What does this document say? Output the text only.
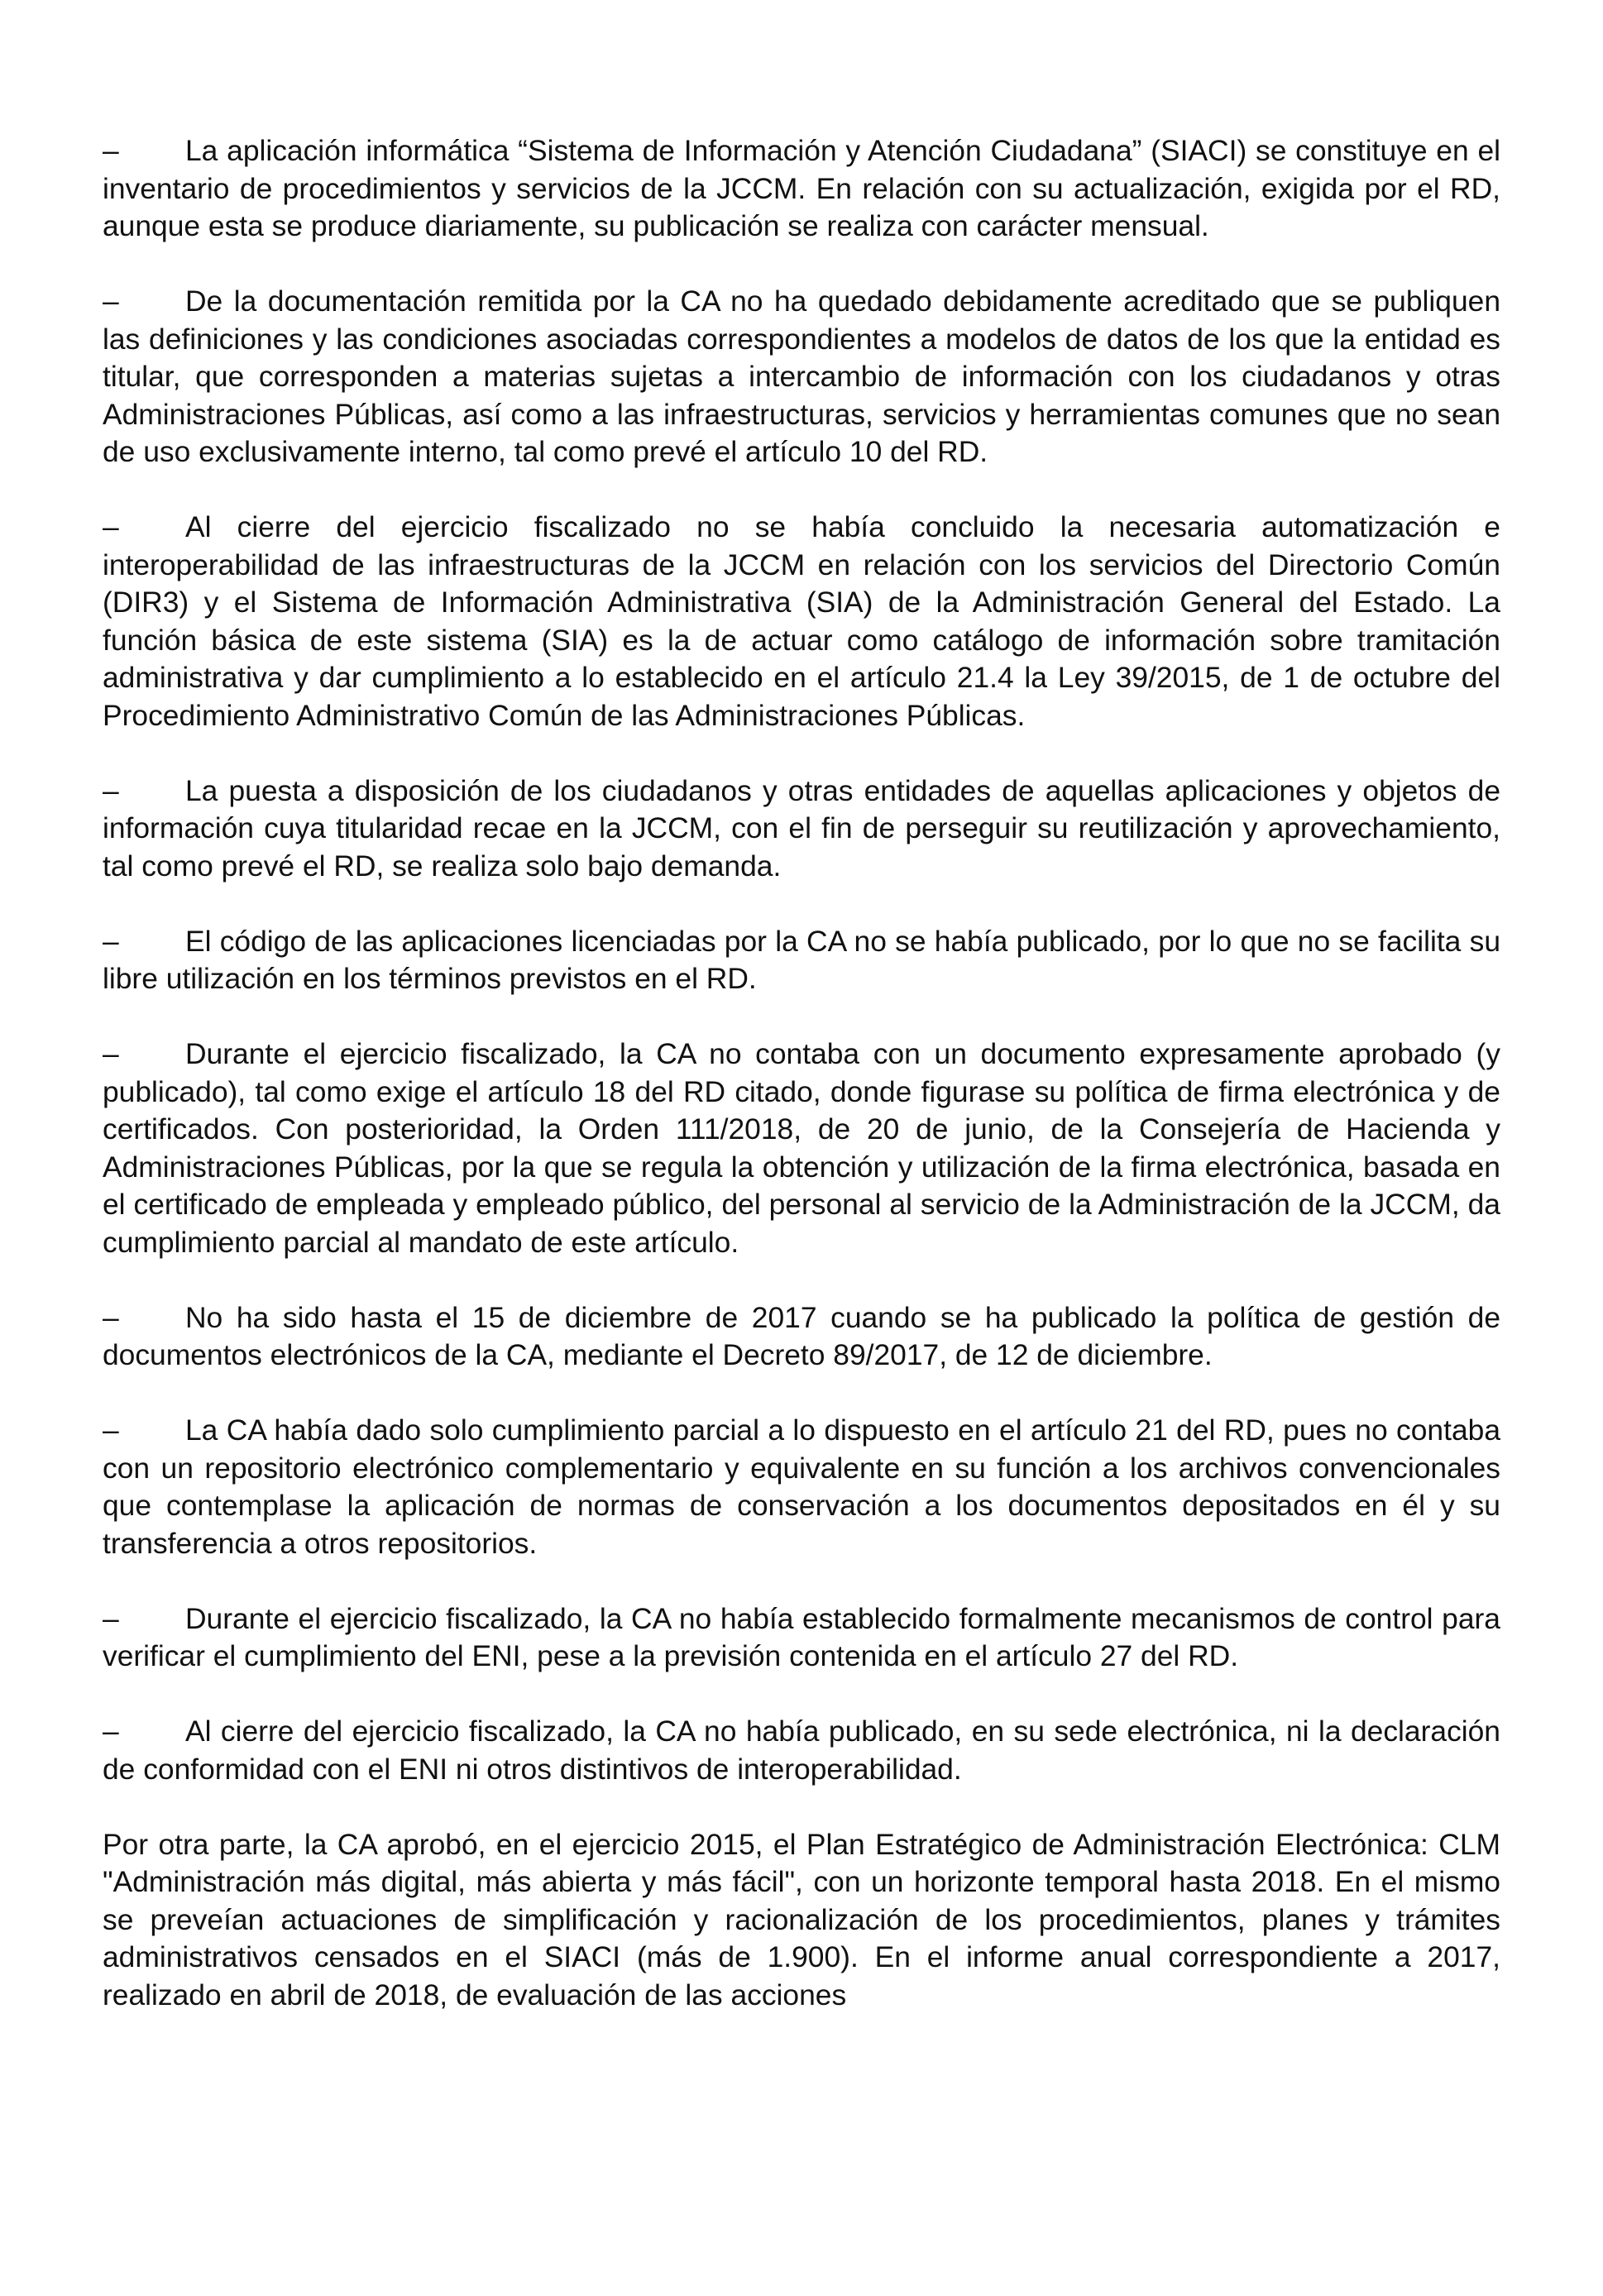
– La aplicación informática “Sistema de Información y Atención Ciudadana” (SIACI) se constituye en el inventario de procedimientos y servicios de la JCCM. En relación con su actualización, exigida por el RD, aunque esta se produce diariamente, su publicación se realiza con carácter mensual.

– De la documentación remitida por la CA no ha quedado debidamente acreditado que se publiquen las definiciones y las condiciones asociadas correspondientes a modelos de datos de los que la entidad es titular, que corresponden a materias sujetas a intercambio de información con los ciudadanos y otras Administraciones Públicas, así como a las infraestructuras, servicios y herramientas comunes que no sean de uso exclusivamente interno, tal como prevé el artículo 10 del RD.

– Al cierre del ejercicio fiscalizado no se había concluido la necesaria automatización e interoperabilidad de las infraestructuras de la JCCM en relación con los servicios del Directorio Común (DIR3) y el Sistema de Información Administrativa (SIA) de la Administración General del Estado. La función básica de este sistema (SIA) es la de actuar como catálogo de información sobre tramitación administrativa y dar cumplimiento a lo establecido en el artículo 21.4 la Ley 39/2015, de 1 de octubre del Procedimiento Administrativo Común de las Administraciones Públicas.

– La puesta a disposición de los ciudadanos y otras entidades de aquellas aplicaciones y objetos de información cuya titularidad recae en la JCCM, con el fin de perseguir su reutilización y aprovechamiento, tal como prevé el RD, se realiza solo bajo demanda.

– El código de las aplicaciones licenciadas por la CA no se había publicado, por lo que no se facilita su libre utilización en los términos previstos en el RD.

– Durante el ejercicio fiscalizado, la CA no contaba con un documento expresamente aprobado (y publicado), tal como exige el artículo 18 del RD citado, donde figurase su política de firma electrónica y de certificados. Con posterioridad, la Orden 111/2018, de 20 de junio, de la Consejería de Hacienda y Administraciones Públicas, por la que se regula la obtención y utilización de la firma electrónica, basada en el certificado de empleada y empleado público, del personal al servicio de la Administración de la JCCM, da cumplimiento parcial al mandato de este artículo.

– No ha sido hasta el 15 de diciembre de 2017 cuando se ha publicado la política de gestión de documentos electrónicos de la CA, mediante el Decreto 89/2017, de 12 de diciembre.

– La CA había dado solo cumplimiento parcial a lo dispuesto en el artículo 21 del RD, pues no contaba con un repositorio electrónico complementario y equivalente en su función a los archivos convencionales que contemplase la aplicación de normas de conservación a los documentos depositados en él y su transferencia a otros repositorios.

– Durante el ejercicio fiscalizado, la CA no había establecido formalmente mecanismos de control para verificar el cumplimiento del ENI, pese a la previsión contenida en el artículo 27 del RD.

– Al cierre del ejercicio fiscalizado, la CA no había publicado, en su sede electrónica, ni la declaración de conformidad con el ENI ni otros distintivos de interoperabilidad.

Por otra parte, la CA aprobó, en el ejercicio 2015, el Plan Estratégico de Administración Electrónica: CLM "Administración más digital, más abierta y más fácil", con un horizonte temporal hasta 2018. En el mismo se preveían actuaciones de simplificación y racionalización de los procedimientos, planes y trámites administrativos censados en el SIACI (más de 1.900). En el informe anual correspondiente a 2017, realizado en abril de 2018, de evaluación de las acciones
